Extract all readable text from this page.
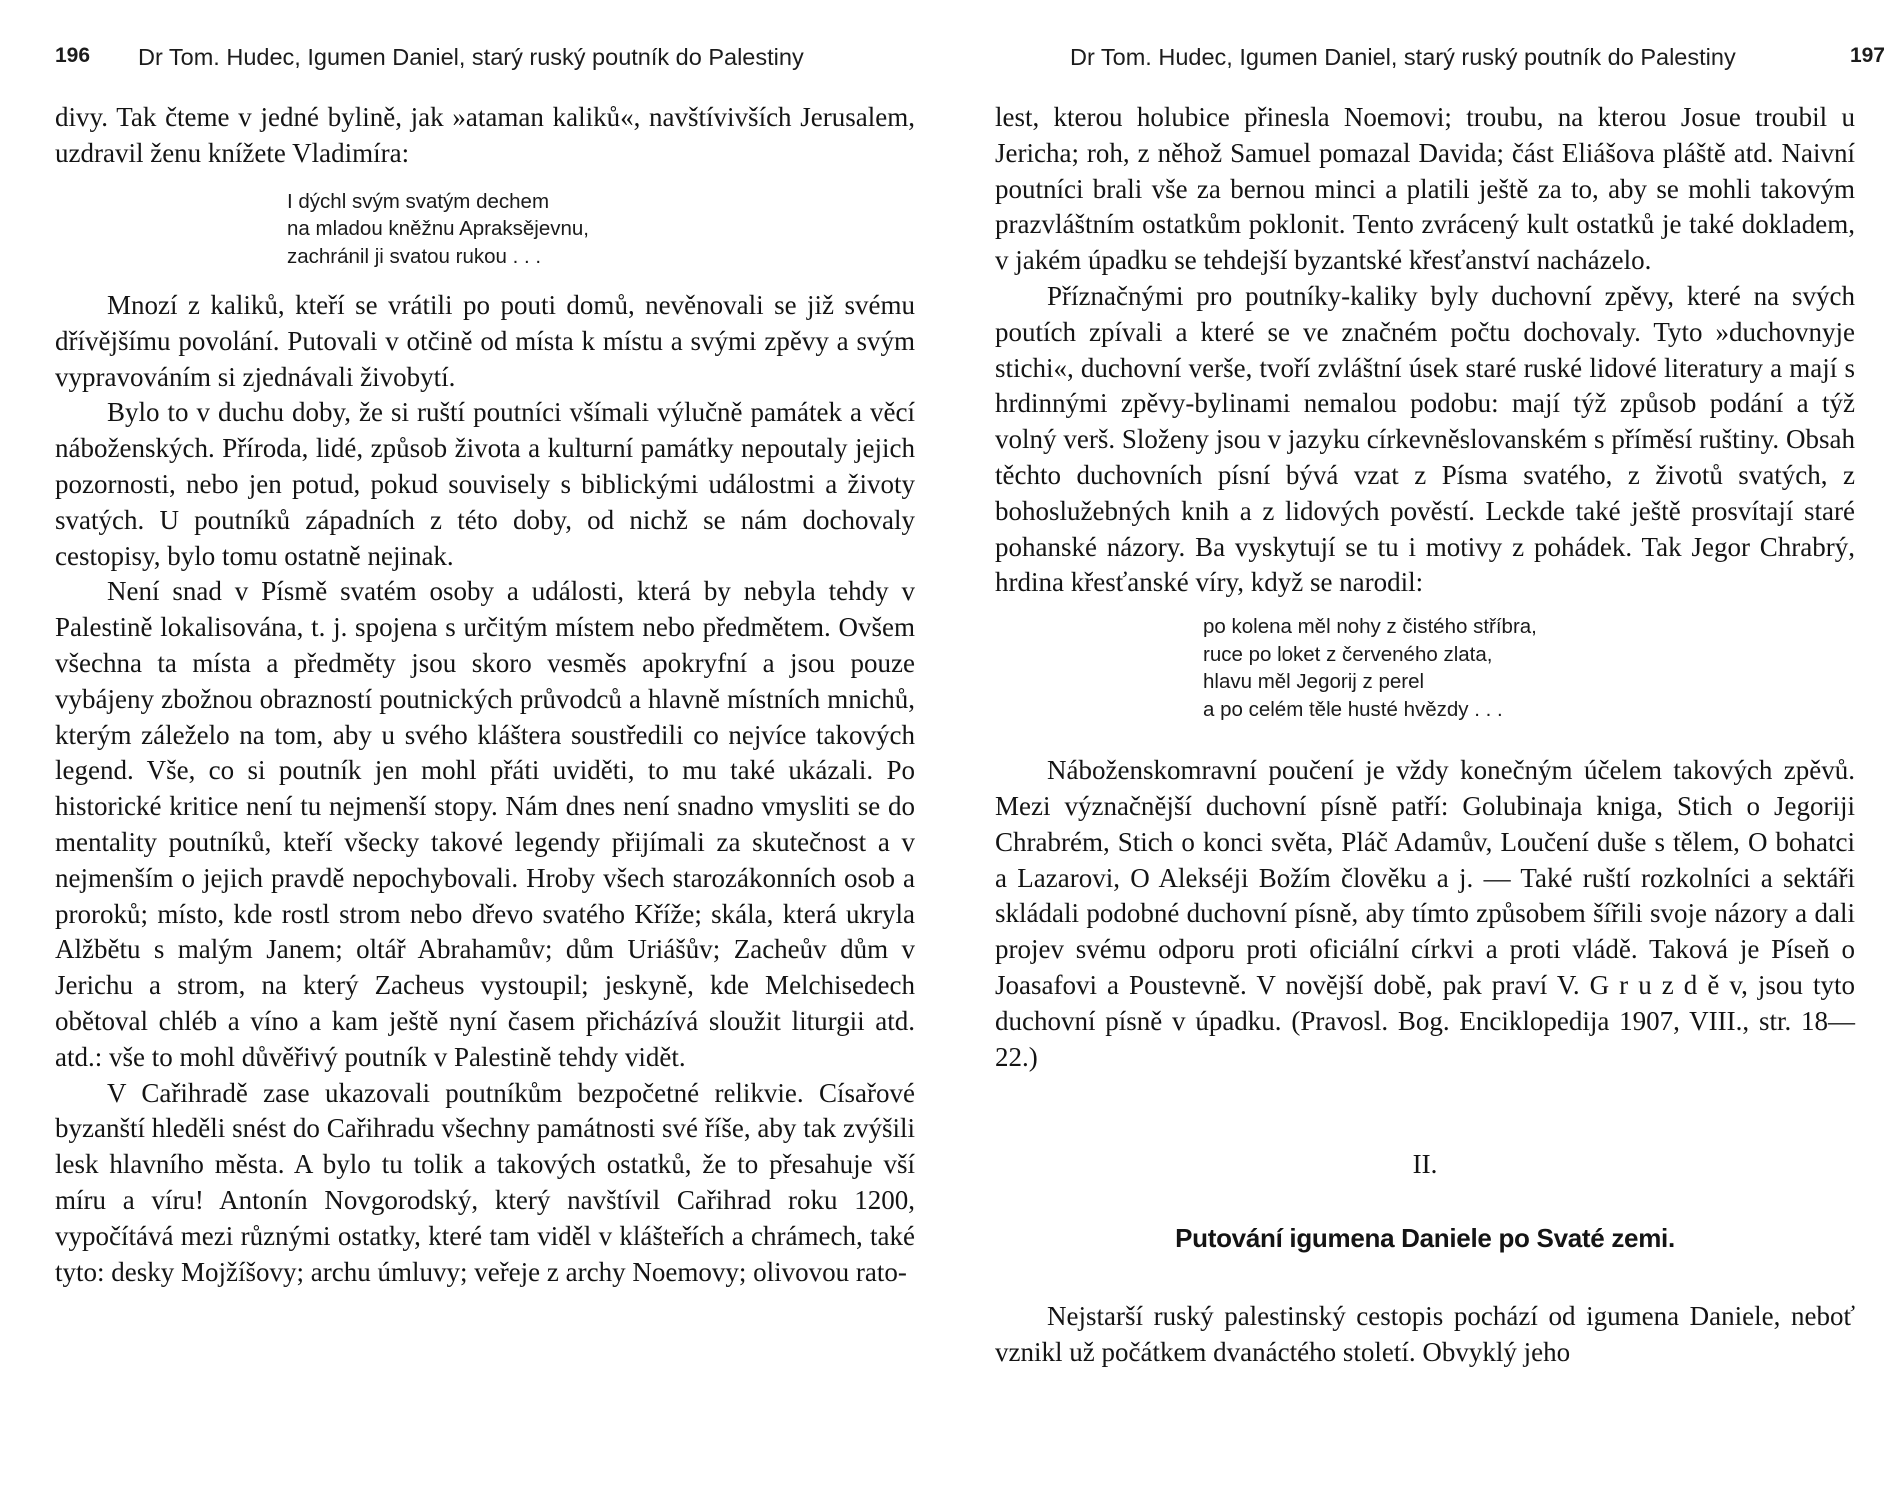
196 Dr Tom. Hudec, Igumen Daniel, starý ruský poutník do Palestiny

divy. Tak čteme v jedné bylině, jak »ataman kaliků«, navštívivších Jerusalem, uzdravil ženu knížete Vladimíra:

I dýchl svým svatým dechem
na mladou kněžnu Apraksějevnu,
zachránil ji svatou rukou . . .

Mnozí z kaliků, kteří se vrátili po pouti domů, nevěnovali se již svému dřívějšímu povolání. Putovali v otčině od místa k místu a svými zpěvy a svým vypravováním si zjednávali živobytí.

Bylo to v duchu doby, že si ruští poutníci všímali výlučně památek a věcí náboženských. Příroda, lidé, způsob života a kulturní památky nepoutaly jejich pozornosti, nebo jen potud, pokud souvisely s biblickými událostmi a životy svatých. U poutníků západních z této doby, od nichž se nám dochovaly cestopisy, bylo tomu ostatně nejinak.

Není snad v Písmě svatém osoby a události, která by nebyla tehdy v Palestině lokalisována, t. j. spojena s určitým místem nebo předmětem. Ovšem všechna ta místa a předměty jsou skoro vesměs apokryfní a jsou pouze vybájeny zbožnou obrazností poutnických průvodců a hlavně místních mnichů, kterým záleželo na tom, aby u svého kláštera soustředili co nejvíce takových legend. Vše, co si poutník jen mohl přáti uviděti, to mu také ukázali. Po historické kritice není tu nejmenší stopy. Nám dnes není snadno vmysliti se do mentality poutníků, kteří všecky takové legendy přijímali za skutečnost a v nejmenším o jejich pravdě nepochybovali. Hroby všech starozákonních osob a proroků; místo, kde rostl strom nebo dřevo svatého Kříže; skála, která ukryla Alžbětu s malým Janem; oltář Abrahamův; dům Uriášův; Zacheův dům v Jerichu a strom, na který Zacheus vystoupil; jeskyně, kde Melchisedech obětoval chléb a víno a kam ještě nyní časem přicházívá sloužit liturgii atd. atd.: vše to mohl důvěřivý poutník v Palestině tehdy vidět.

V Cařihradě zase ukazovali poutníkům bezpočetné relikvie. Císařové byzanští hleděli snést do Cařihradu všechny památnosti své říše, aby tak zvýšili lesk hlavního města. A bylo tu tolik a takových ostatků, že to přesahuje vší míru a víru! Antonín Novgorodský, který navštívil Cařihrad roku 1200, vypočítává mezi různými ostatky, které tam viděl v klášteřích a chrámech, také tyto: desky Mojžíšovy; archu úmluvy; veřeje z archy Noemovy; olivovou rato-

Dr Tom. Hudec, Igumen Daniel, starý ruský poutník do Palestiny	197

lest, kterou holubice přinesla Noemovi; troubu, na kterou Josue troubil u Jericha; roh, z něhož Samuel pomazal Davida; část Eliášova pláště atd. Naivní poutníci brali vše za bernou minci a platili ještě za to, aby se mohli takovým prazvláštním ostatkům poklonit. Tento zvrácený kult ostatků je také dokladem, v jakém úpadku se tehdejší byzantské křesťanství nacházelo.

Příznačnými pro poutníky-kaliky byly duchovní zpěvy, které na svých poutích zpívali a které se ve značném počtu dochovaly. Tyto »duchovnyje stichi«, duchovní verše, tvoří zvláštní úsek staré ruské lidové literatury a mají s hrdinnými zpěvy-bylinami nemalou podobu: mají týž způsob podání a týž volný verš. Složeny jsou v jazyku církevněslovanském s příměsí ruštiny. Obsah těchto duchovních písní bývá vzat z Písma svatého, z životů svatých, z bohoslužebných knih a z lidových pověstí. Leckde také ještě prosvítají staré pohanské názory. Ba vyskytují se tu i motivy z pohádek. Tak Jegor Chrabrý, hrdina křesťanské víry, když se narodil:

po kolena měl nohy z čistého stříbra,
ruce po loket z červeného zlata,
hlavu měl Jegorij z perel
a po celém těle husté hvězdy . . .

Náboženskomravní poučení je vždy konečným účelem takových zpěvů. Mezi význačnější duchovní písně patří: Golubinaja kniga, Stich o Jegoriji Chrabrém, Stich o konci světa, Pláč Adamův, Loučení duše s tělem, O bohatci a Lazarovi, O Alekséji Božím člověku a j. — Také ruští rozkolníci a sektáři skládali podobné duchovní písně, aby tímto způsobem šířili svoje názory a dali projev svému odporu proti oficiální církvi a proti vládě. Taková je Píseň o Joasafovi a Poustevně. V novější době, pak praví V. G r u z d ě v, jsou tyto duchovní písně v úpadku. (Pravosl. Bog. Enciklopedija 1907, VIII., str. 18—22.)

II.
Putování igumena Daniele po Svaté zemi.

Nejstarší ruský palestinský cestopis pochází od igumena Daniele, neboť vznikl už počátkem dvanáctého století. Obvyklý jeho
